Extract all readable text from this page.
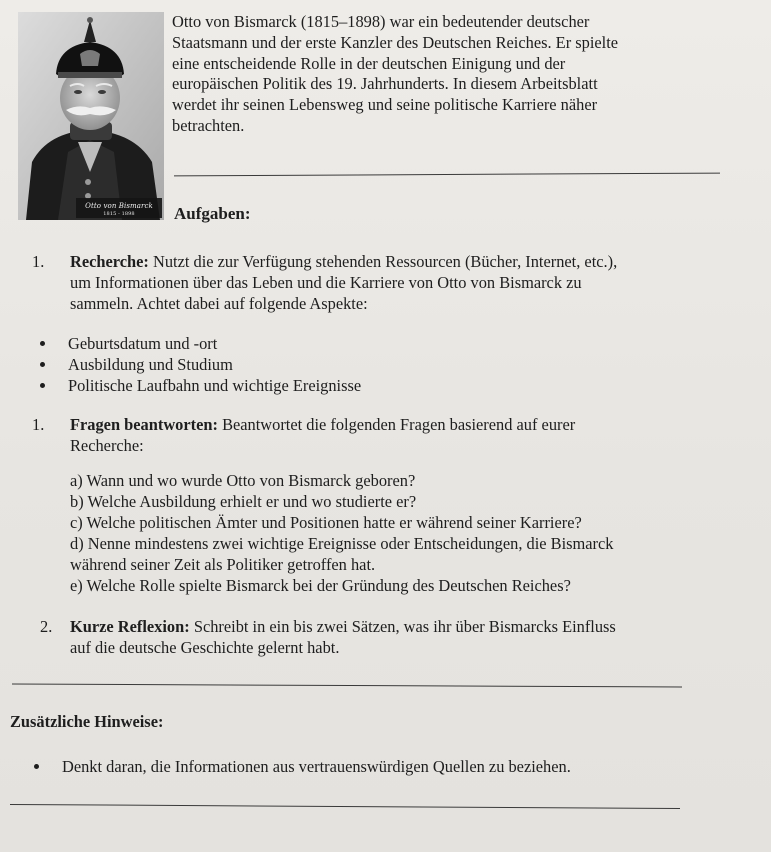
Otto von Bismarck
1815 - 1898

Otto von Bismarck (1815–1898) war ein bedeutender deutscher
Staatsmann und der erste Kanzler des Deutschen Reiches. Er spielte
eine entscheidende Rolle in der deutschen Einigung und der
europäischen Politik des 19. Jahrhunderts. In diesem Arbeitsblatt
werdet ihr seinen Lebensweg und seine politische Karriere näher
betrachten.

Aufgaben:
1. Recherche: Nutzt die zur Verfügung stehenden Ressourcen (Bücher, Internet, etc.),
um Informationen über das Leben und die Karriere von Otto von Bismarck zu
sammeln. Achtet dabei auf folgende Aspekte:

Geburtsdatum und -ort
Ausbildung und Studium
Politische Laufbahn und wichtige Ereignisse
1. Fragen beantworten: Beantwortet die folgenden Fragen basierend auf eurer
Recherche:

a) Wann und wo wurde Otto von Bismarck geboren?
b) Welche Ausbildung erhielt er und wo studierte er?
c) Welche politischen Ämter und Positionen hatte er während seiner Karriere?
d) Nenne mindestens zwei wichtige Ereignisse oder Entscheidungen, die Bismarck
während seiner Zeit als Politiker getroffen hat.
e) Welche Rolle spielte Bismarck bei der Gründung des Deutschen Reiches?
2. Kurze Reflexion: Schreibt in ein bis zwei Sätzen, was ihr über Bismarcks Einfluss
auf die deutsche Geschichte gelernt habt.

Zusätzliche Hinweise:
Denkt daran, die Informationen aus vertrauenswürdigen Quellen zu beziehen.
